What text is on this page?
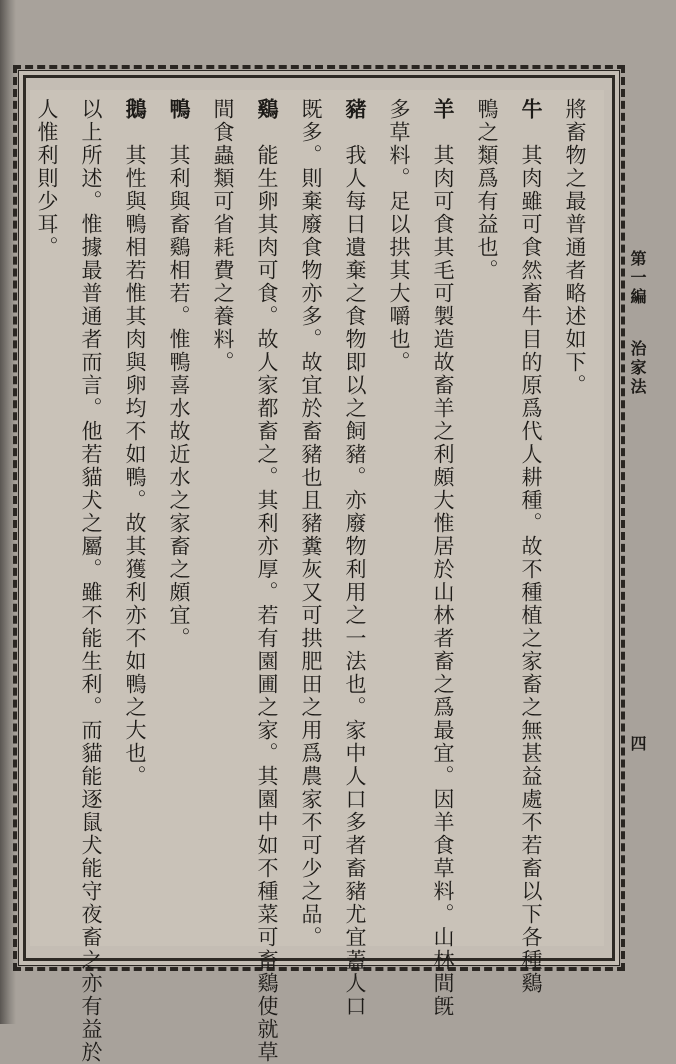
第一編
治家法
四
將畜物之最普通者略述如下。
牛　其肉雖可食然畜牛目的原爲代人耕種。故不種植之家畜之無甚益處不若畜以下各種鷄
鴨之類爲有益也。
羊　其肉可食其毛可製造故畜羊之利頗大惟居於山林者畜之爲最宜。因羊食草料。山林間旣
多草料。足以拱其大嚼也。
豬　我人每日遺棄之食物即以之飼豬。亦廢物利用之一法也。家中人口多者畜豬尤宜蓋人口
既多。則棄廢食物亦多。故宜於畜豬也且豬糞灰又可拱肥田之用爲農家不可少之品。
鷄　能生卵其肉可食。故人家都畜之。其利亦厚。若有園圃之家。其園中如不種菜可畜鷄使就草
間食蟲類可省耗費之養料。
鴨　其利與畜鷄相若。惟鴨喜水故近水之家畜之頗宜。
鵝　其性與鴨相若惟其肉與卵均不如鴨。故其獲利亦不如鴨之大也。
以上所述。惟據最普通者而言。他若貓犬之屬。雖不能生利。而貓能逐鼠犬能守夜畜之亦有益於
人惟利則少耳。
